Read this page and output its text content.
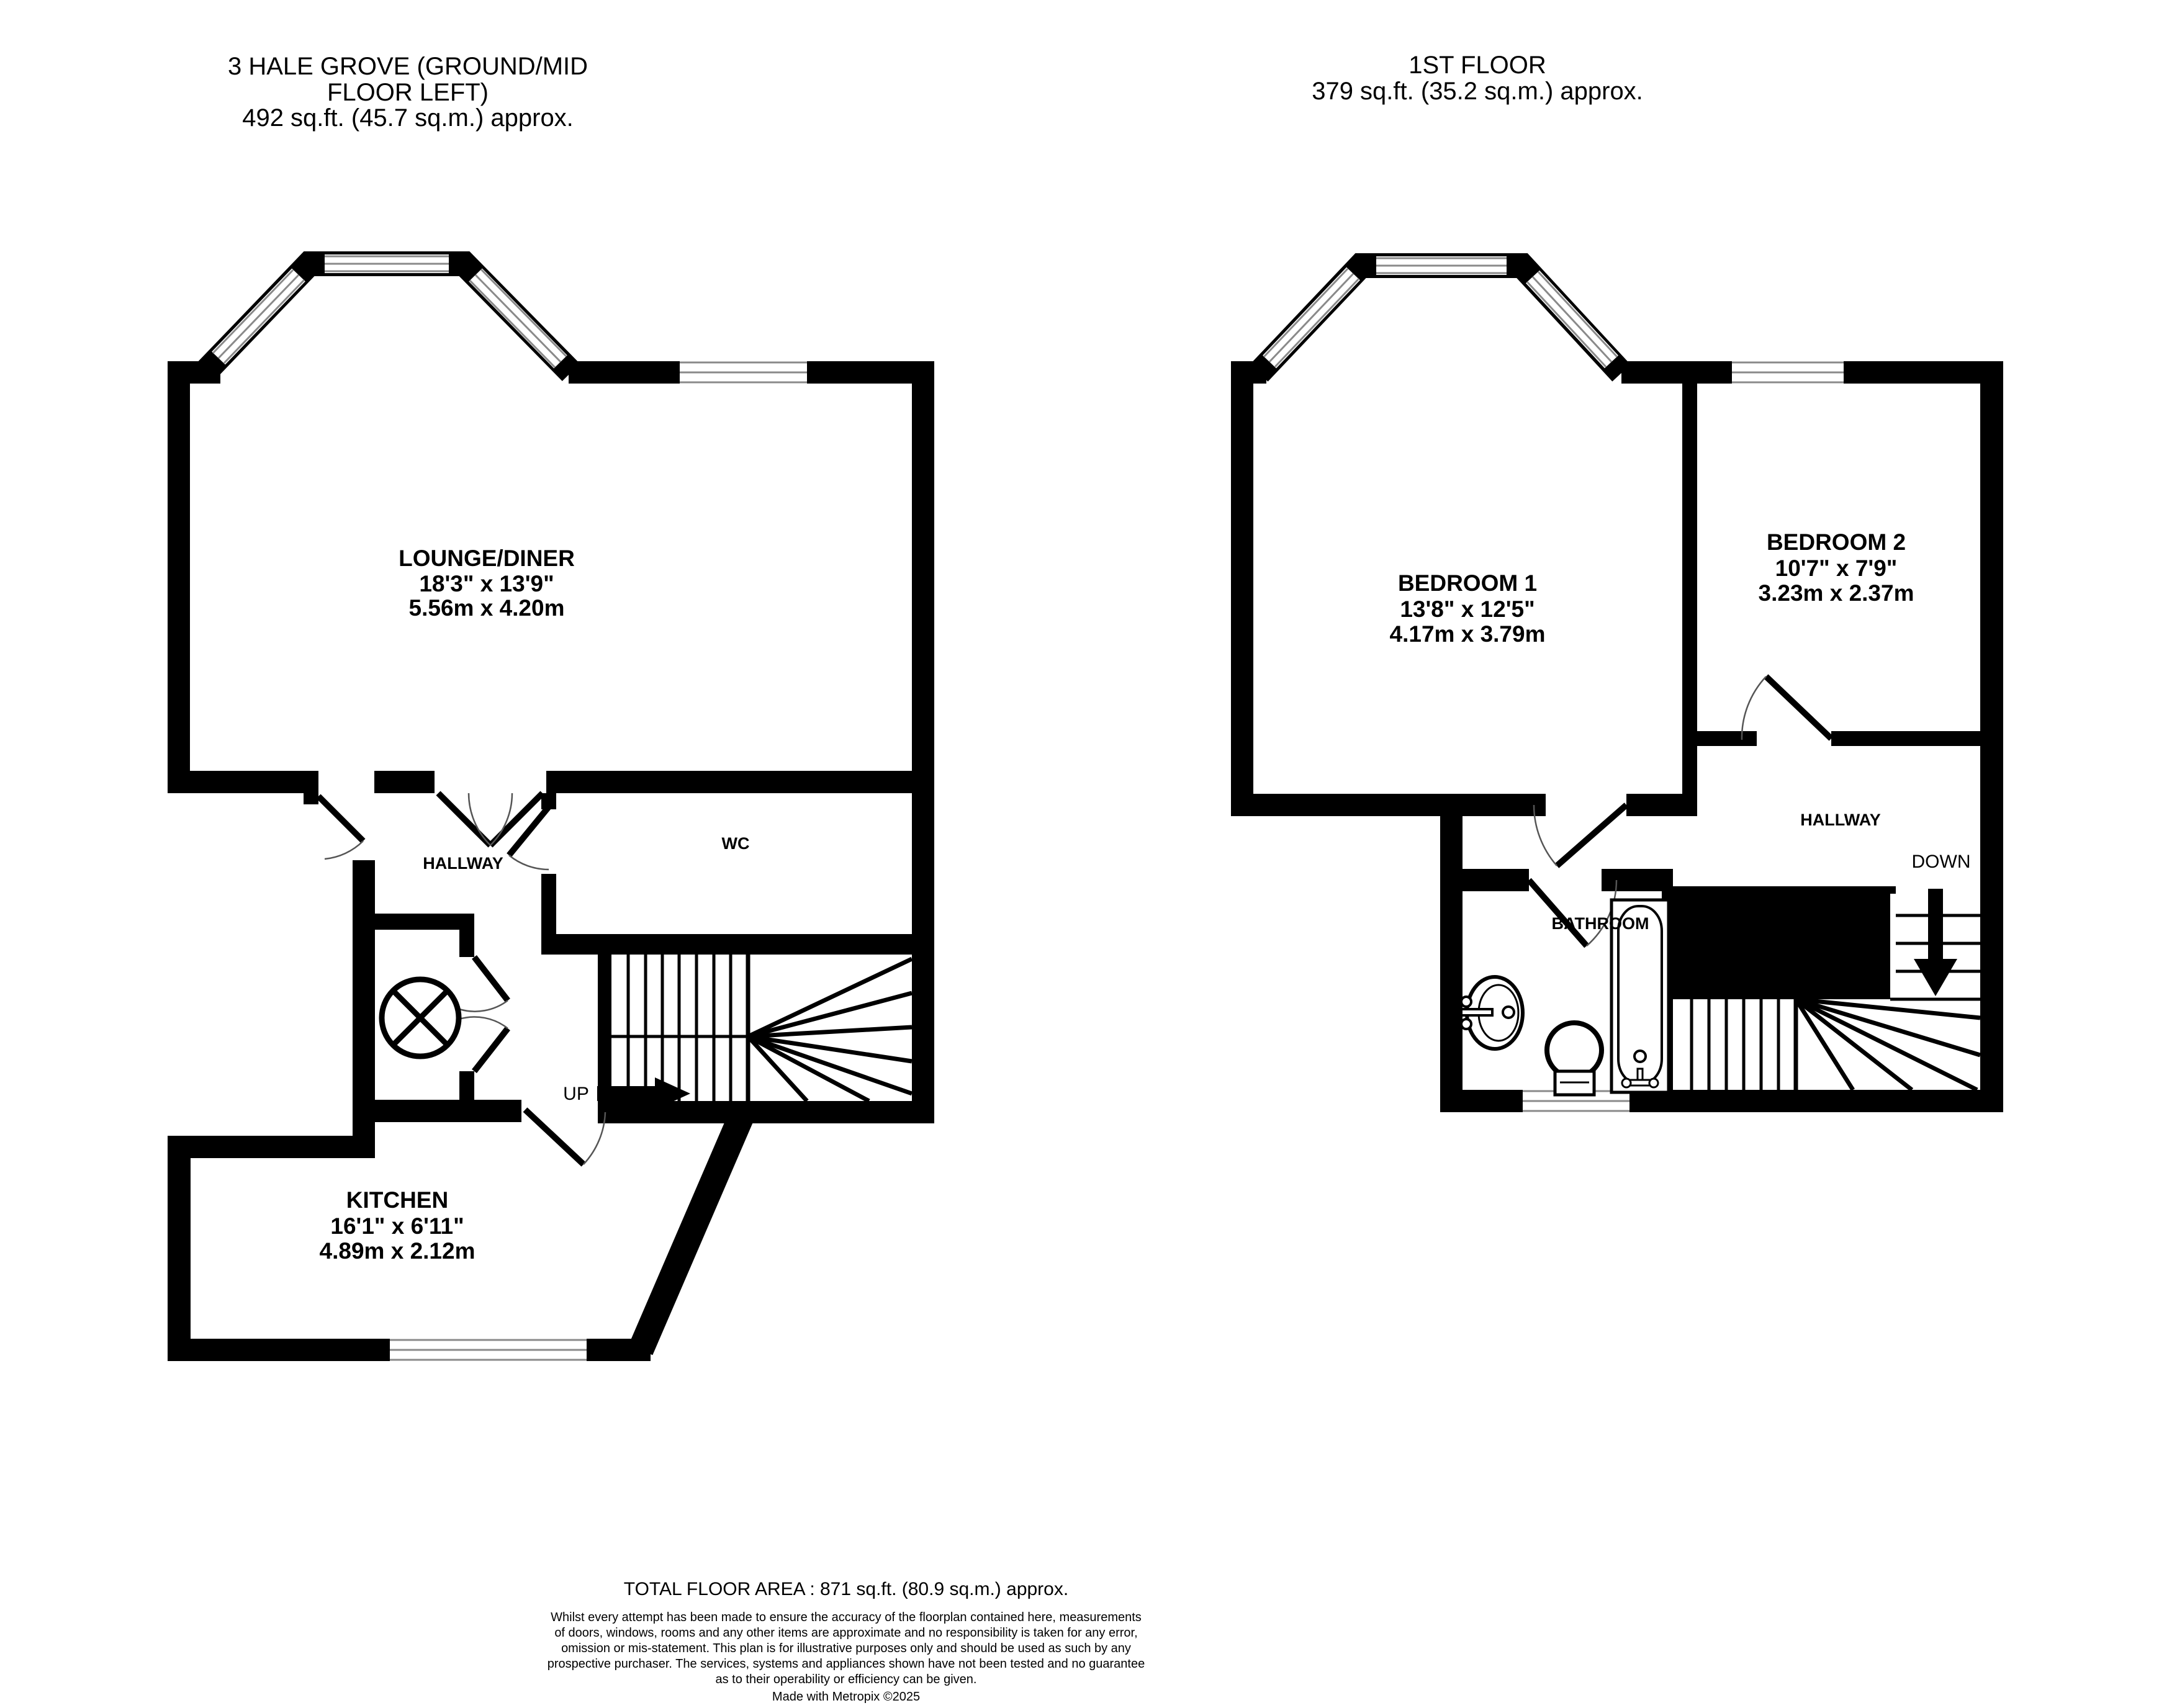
3 HALE GROVE (GROUND/MID
FLOOR LEFT)
492 sq.ft. (45.7 sq.m.) approx.
LOUNGE/DINER
18'3" x 13'9"
5.56m x 4.20m
HALLWAY
WC
UP
KITCHEN
16'1" x 6'11"
4.89m x 2.12m
1ST FLOOR
379 sq.ft. (35.2 sq.m.) approx.
BEDROOM 1
13'8" x 12'5"
4.17m x 3.79m
BEDROOM 2
10'7" x 7'9"
3.23m x 2.37m
HALLWAY
DOWN
BATHROOM
TOTAL FLOOR AREA : 871 sq.ft. (80.9 sq.m.) approx.
Whilst every attempt has been made to ensure the accuracy of the floorplan contained here, measurements
of doors, windows, rooms and any other items are approximate and no responsibility is taken for any error,
omission or mis-statement. This plan is for illustrative purposes only and should be used as such by any
prospective purchaser. The services, systems and appliances shown have not been tested and no guarantee
as to their operability or efficiency can be given.
Made with Metropix ©2025
